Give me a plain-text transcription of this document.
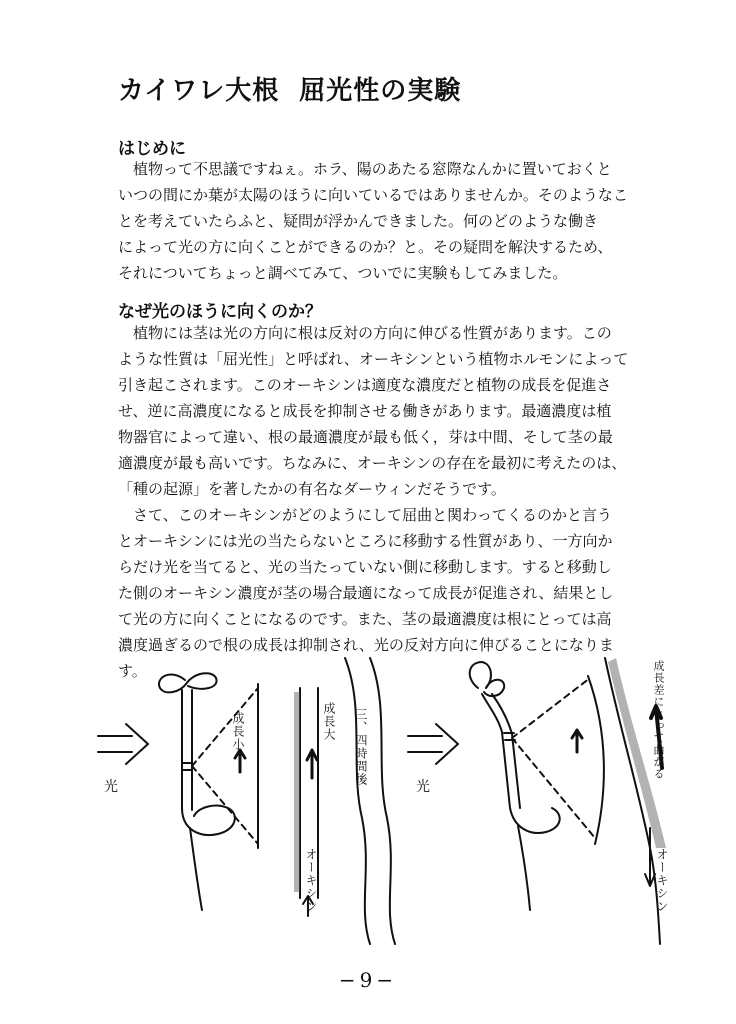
カイワレ大根 屈光性の実験
はじめに
　植物って不思議ですねぇ。ホラ、陽のあたる窓際なんかに置いておくと
いつの間にか葉が太陽のほうに向いているではありませんか。そのようなこ
とを考えていたらふと、疑問が浮かんできました。何のどのような働き
によって光の方に向くことができるのか？と。その疑問を解決するため、
それについてちょっと調べてみて、ついでに実験もしてみました。
なぜ光のほうに向くのか？
　植物には茎は光の方向に根は反対の方向に伸びる性質があります。この
ような性質は「屈光性」と呼ばれ、オーキシンという植物ホルモンによって
引き起こされます。このオーキシンは適度な濃度だと植物の成長を促進さ
せ、逆に高濃度になると成長を抑制させる働きがあります。最適濃度は植
物器官によって違い、根の最適濃度が最も低く，芽は中間、そして茎の最
適濃度が最も高いです。ちなみに、オーキシンの存在を最初に考えたのは、
「種の起源」を著したかの有名なダーウィンだそうです。
　さて、このオーキシンがどのようにして屈曲と関わってくるのかと言う
とオーキシンには光の当たらないところに移動する性質があり、一方向か
らだけ光を当てると、光の当たっていない側に移動します。すると移動し
た側のオーキシン濃度が茎の場合最適になって成長が促進され、結果とし
て光の方に向くことになるのです。また、茎の最適濃度は根にとっては高
濃度過ぎるので根の成長は抑制され、光の反対方向に伸びることになりま
す。
光	光
成長小	成長大 三、四時間後
オーキシン	オーキシン
成長差によって曲がる
−9−
